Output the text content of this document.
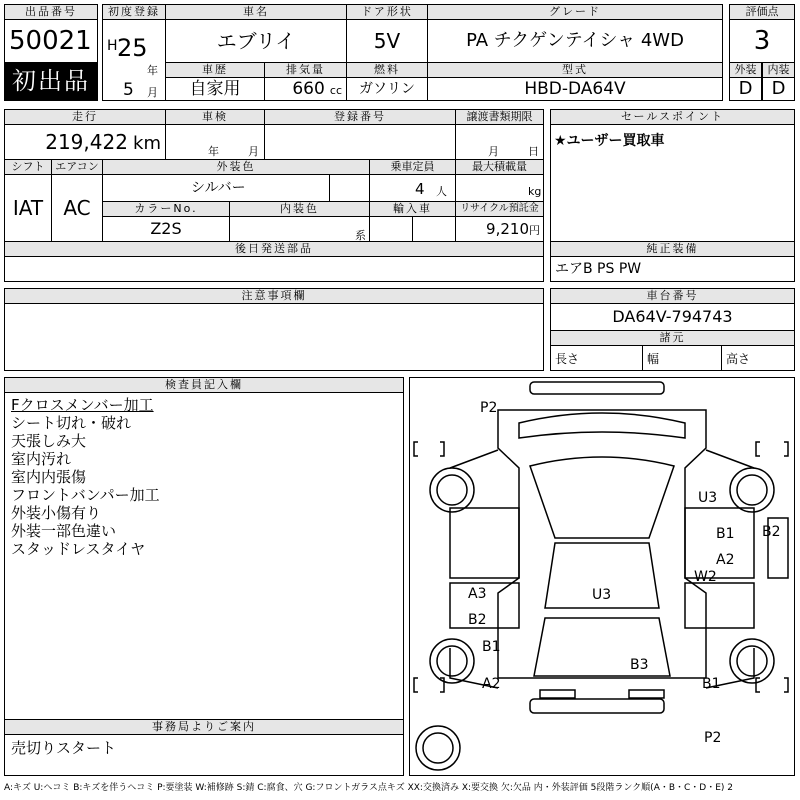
出品番号
50021
初出品
初度登録
H 25
年
5 月
車名
エブリイ
ドア形状
5V
グレード
PA チクゲンテイシャ 4WD
評価点
3
車歴
自家用
排気量
660 cc
燃料
ガソリン
型式
HBD-DA64V
外装	内装
D	D
走行
219,422 km
車検
年	月
登録番号	譲渡書類期限
月	日
セールスポイント
★ユーザー買取車
シフト
IAT
エアコン
AC
外装色
シルバー
乗車定員
4 人
最大積載量
kg
カラーNo.
Z2S
内装色
系
輸入車	リサイクル預託金
9,210円
後日発送部品	純正装備
エアB PS PW
注意事項欄	車台番号
DA64V-794743
諸元
長さ	幅	高さ
検査員記入欄
Fクロスメンバー加工
シート切れ・破れ
天張しみ大
室内汚れ
室内内張傷
フロントバンパー加工
外装小傷有り
外装一部色違い
スタッドレスタイヤ
事務局よりご案内
売切りスタート
P2
U3
B1 B2
A2
W2
U3
A3
B2
B1
B3
A2	B1
P2
A:キズ U:ヘコミ B:キズを伴うヘコミ P:要塗装 W:補修跡 S:錆 C:腐食、穴 G:フロントガラス点キズ XX:交換済み X:要交換 欠:欠品 内・外装評価 5段階ランク順(A・B・C・D・E) 2
